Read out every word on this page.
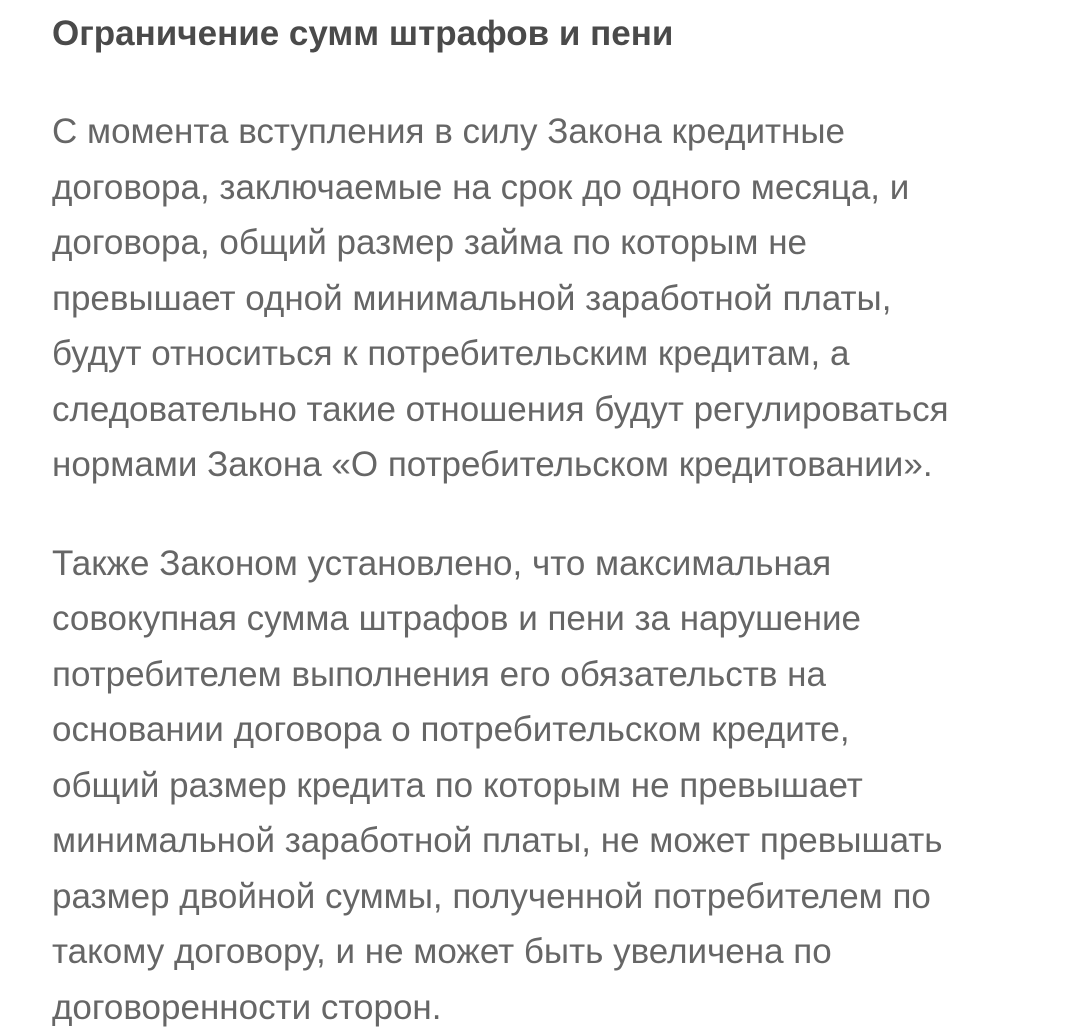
Ограничение сумм штрафов и пени

С момента вступления в силу Закона кредитные
договора, заключаемые на срок до одного месяца, и
договора, общий размер займа по которым не
превышает одной минимальной заработной платы,
будут относиться к потребительским кредитам, а
следовательно такие отношения будут регулироваться
нормами Закона «О потребительском кредитовании».

Также Законом установлено, что максимальная
совокупная сумма штрафов и пени за нарушение
потребителем выполнения его обязательств на
основании договора о потребительском кредите,
общий размер кредита по которым не превышает
минимальной заработной платы, не может превышать
размер двойной суммы, полученной потребителем по
такому договору, и не может быть увеличена по
договоренности сторон.
